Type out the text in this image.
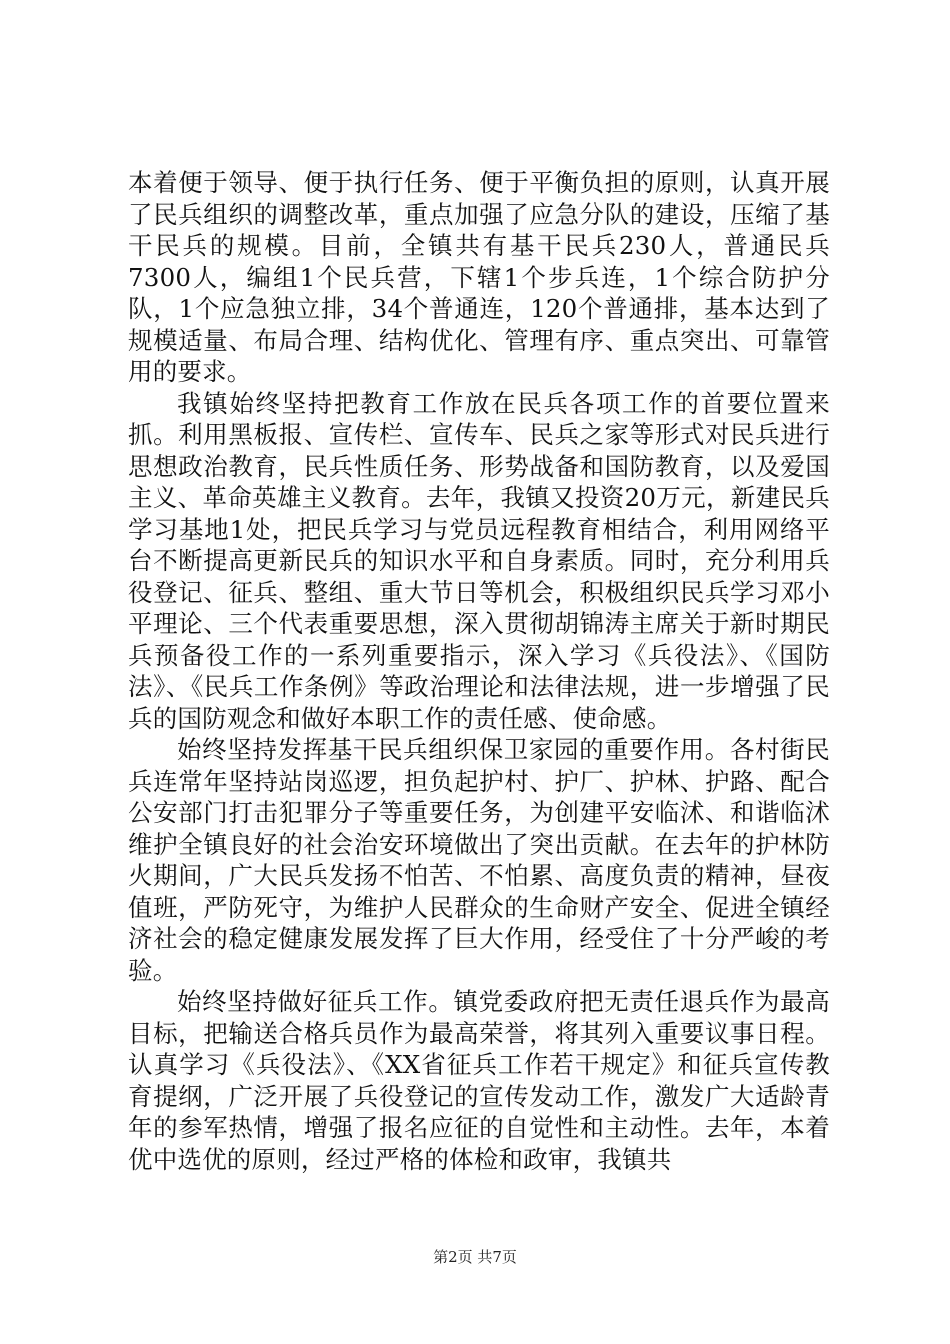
本着便于领导、便于执行任务、便于平衡负担的原则，认真开展了民兵组织的调整改革，重点加强了应急分队的建设，压缩了基干民兵的规模。目前，全镇共有基干民兵230人，普通民兵7300人，编组1个民兵营，下辖1个步兵连，1个综合防护分队，1个应急独立排，34个普通连，120个普通排，基本达到了规模适量、布局合理、结构优化、管理有序、重点突出、可靠管用的要求。

我镇始终坚持把教育工作放在民兵各项工作的首要位置来抓。利用黑板报、宣传栏、宣传车、民兵之家等形式对民兵进行思想政治教育，民兵性质任务、形势战备和国防教育，以及爱国主义、革命英雄主义教育。去年，我镇又投资20万元，新建民兵学习基地1处，把民兵学习与党员远程教育相结合，利用网络平台不断提高更新民兵的知识水平和自身素质。同时，充分利用兵役登记、征兵、整组、重大节日等机会，积极组织民兵学习邓小平理论、三个代表重要思想，深入贯彻胡锦涛主席关于新时期民兵预备役工作的一系列重要指示，深入学习《兵役法》、《国防法》、《民兵工作条例》等政治理论和法律法规，进一步增强了民兵的国防观念和做好本职工作的责任感、使命感。

始终坚持发挥基干民兵组织保卫家园的重要作用。各村街民兵连常年坚持站岗巡逻，担负起护村、护厂、护林、护路、配合公安部门打击犯罪分子等重要任务，为创建平安临沭、和谐临沭维护全镇良好的社会治安环境做出了突出贡献。在去年的护林防火期间，广大民兵发扬不怕苦、不怕累、高度负责的精神，昼夜值班，严防死守，为维护人民群众的生命财产安全、促进全镇经济社会的稳定健康发展发挥了巨大作用，经受住了十分严峻的考验。

始终坚持做好征兵工作。镇党委政府把无责任退兵作为最高目标，把输送合格兵员作为最高荣誉，将其列入重要议事日程。认真学习《兵役法》、《XX省征兵工作若干规定》和征兵宣传教育提纲，广泛开展了兵役登记的宣传发动工作，激发广大适龄青年的参军热情，增强了报名应征的自觉性和主动性。去年，本着优中选优的原则，经过严格的体检和政审，我镇共

第2页 共7页
